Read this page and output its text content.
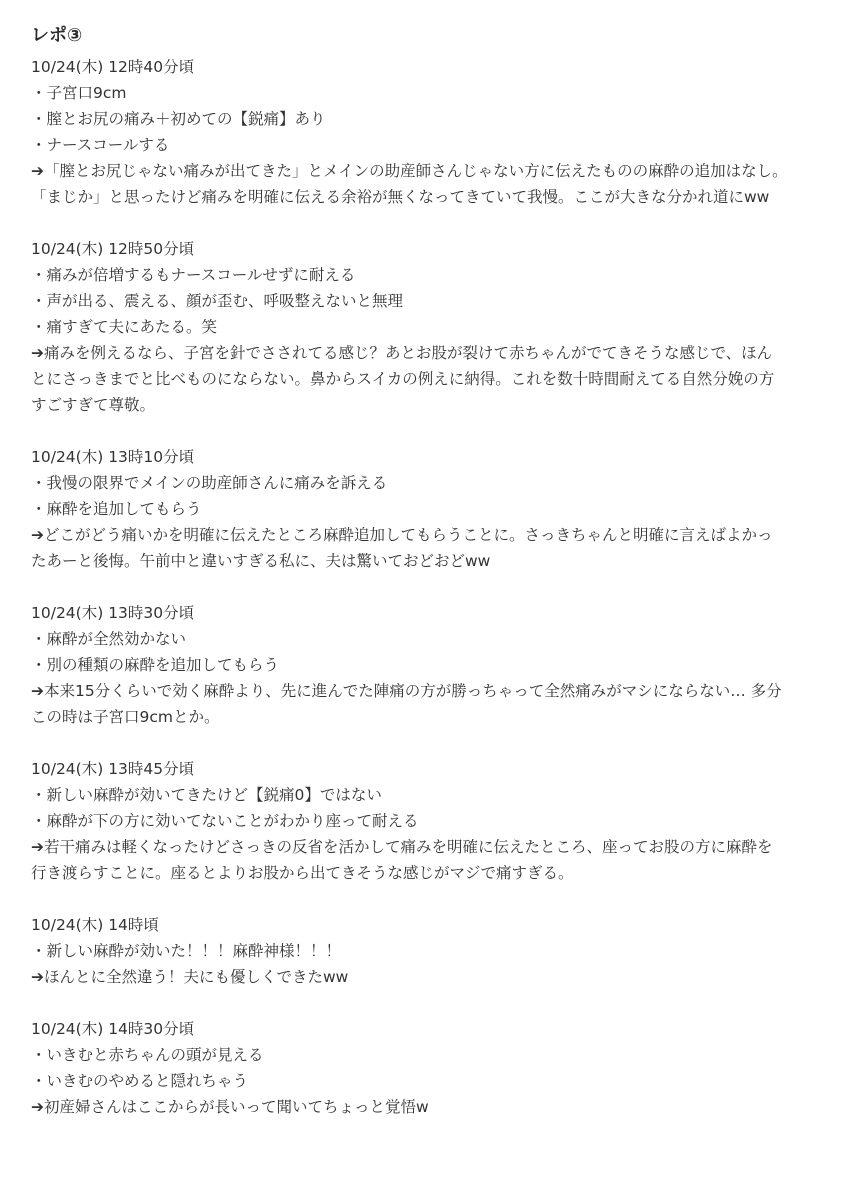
レポ③
10/24(木) 12時40分頃
・子宮口9cm
・膣とお尻の痛み＋初めての【鋭痛】あり
・ナースコールする
➔「膣とお尻じゃない痛みが出てきた」とメインの助産師さんじゃない方に伝えたものの麻酔の追加はなし。
「まじか」と思ったけど痛みを明確に伝える余裕が無くなってきていて我慢。ここが大きな分かれ道にww
10/24(木) 12時50分頃
・痛みが倍増するもナースコールせずに耐える
・声が出る、震える、顔が歪む、呼吸整えないと無理
・痛すぎて夫にあたる。笑
➔痛みを例えるなら、子宮を針でさされてる感じ？あとお股が裂けて赤ちゃんがでてきそうな感じで、ほん
とにさっきまでと比べものにならない。鼻からスイカの例えに納得。これを数十時間耐えてる自然分娩の方
すごすぎて尊敬。
10/24(木) 13時10分頃
・我慢の限界でメインの助産師さんに痛みを訴える
・麻酔を追加してもらう
➔どこがどう痛いかを明確に伝えたところ麻酔追加してもらうことに。さっきちゃんと明確に言えばよかっ
たあーと後悔。午前中と違いすぎる私に、夫は驚いておどおどww
10/24(木) 13時30分頃
・麻酔が全然効かない
・別の種類の麻酔を追加してもらう
➔本来15分くらいで効く麻酔より、先に進んでた陣痛の方が勝っちゃって全然痛みがマシにならない… 多分
この時は子宮口9cmとか。
10/24(木) 13時45分頃
・新しい麻酔が効いてきたけど【鋭痛0】ではない
・麻酔が下の方に効いてないことがわかり座って耐える
➔若干痛みは軽くなったけどさっきの反省を活かして痛みを明確に伝えたところ、座ってお股の方に麻酔を
行き渡らすことに。座るとよりお股から出てきそうな感じがマジで痛すぎる。
10/24(木) 14時頃
・新しい麻酔が効いた！！！麻酔神様！！！
➔ほんとに全然違う！夫にも優しくできたww
10/24(木) 14時30分頃
・いきむと赤ちゃんの頭が見える
・いきむのやめると隠れちゃう
➔初産婦さんはここからが長いって聞いてちょっと覚悟w
